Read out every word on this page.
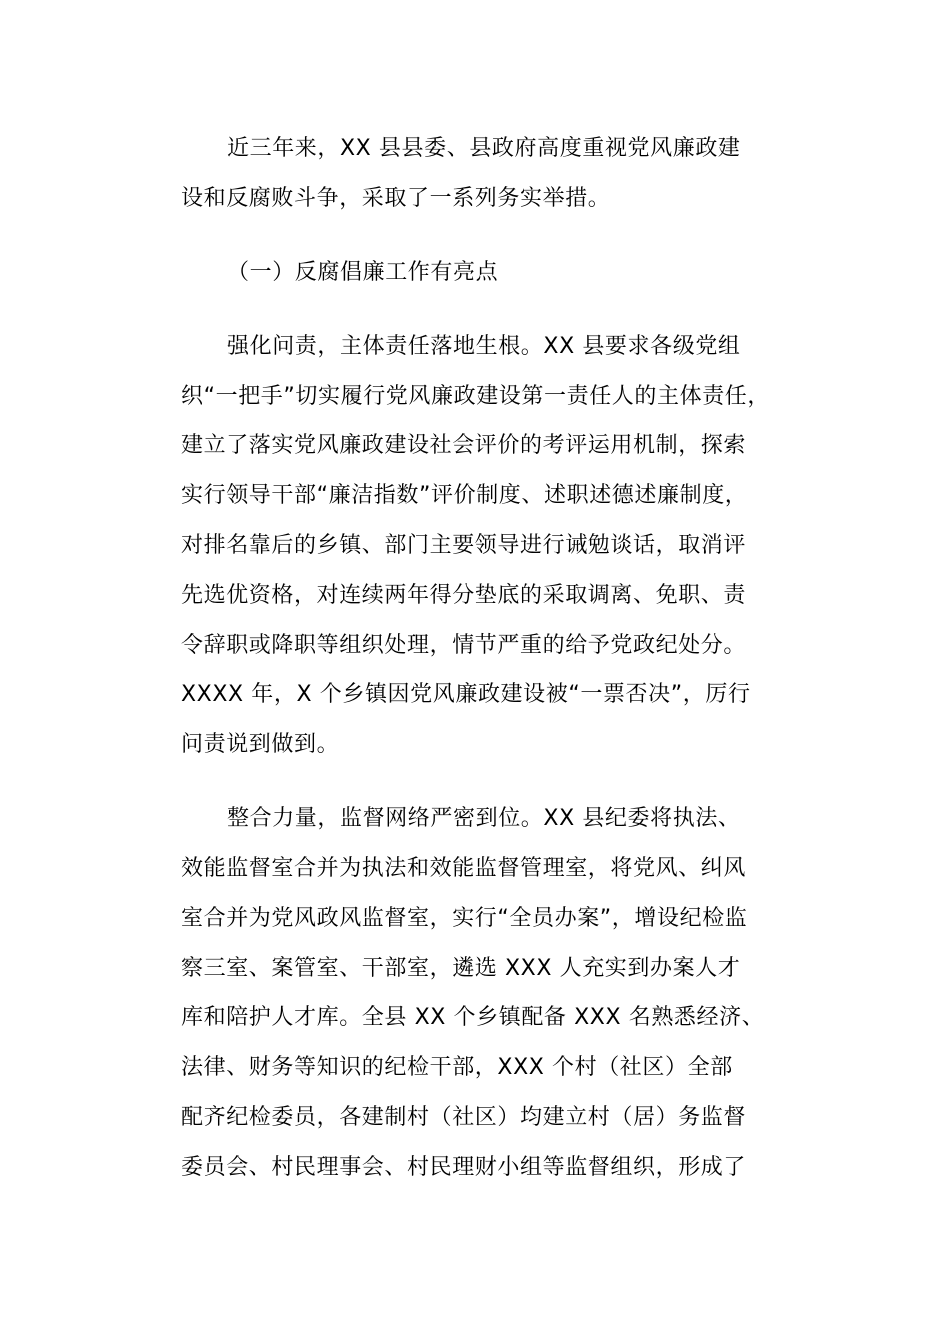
近三年来，XX 县县委、县政府高度重视党风廉政建
设和反腐败斗争，采取了一系列务实举措。
（一）反腐倡廉工作有亮点
强化问责，主体责任落地生根。XX 县要求各级党组
织“一把手”切实履行党风廉政建设第一责任人的主体责任，
建立了落实党风廉政建设社会评价的考评运用机制，探索
实行领导干部“廉洁指数”评价制度、述职述德述廉制度，
对排名靠后的乡镇、部门主要领导进行诫勉谈话，取消评
先选优资格，对连续两年得分垫底的采取调离、免职、责
令辞职或降职等组织处理，情节严重的给予党政纪处分。
XXXX 年，X 个乡镇因党风廉政建设被“一票否决”，厉行
问责说到做到。
整合力量，监督网络严密到位。XX 县纪委将执法、
效能监督室合并为执法和效能监督管理室，将党风、纠风
室合并为党风政风监督室，实行“全员办案”，增设纪检监
察三室、案管室、干部室，遴选 XXX 人充实到办案人才
库和陪护人才库。全县 XX 个乡镇配备 XXX 名熟悉经济、
法律、财务等知识的纪检干部，XXX 个村（社区）全部
配齐纪检委员，各建制村（社区）均建立村（居）务监督
委员会、村民理事会、村民理财小组等监督组织，形成了
